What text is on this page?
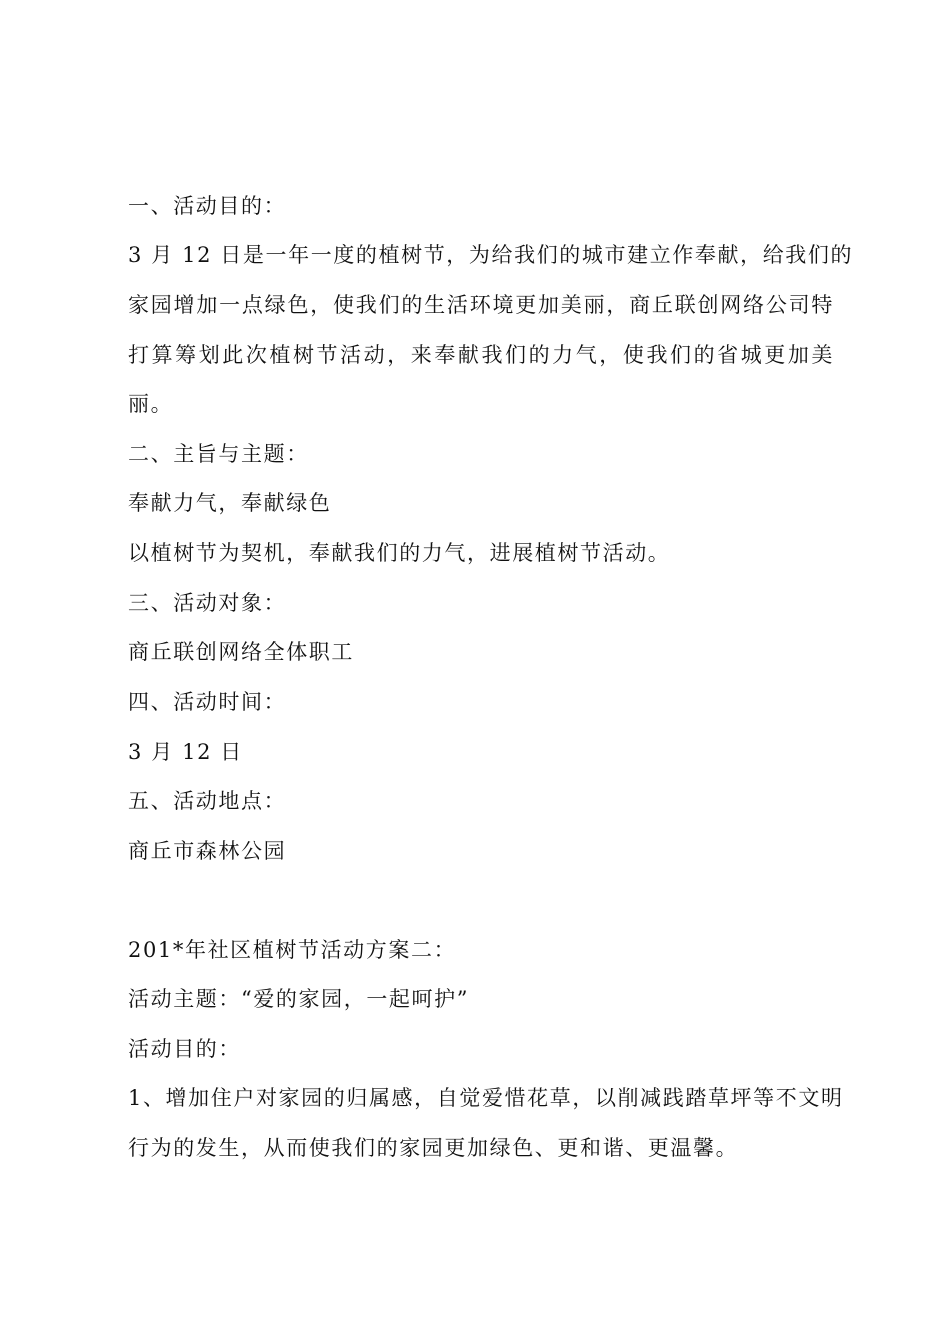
一、活动目的：
3 月 12 日是一年一度的植树节，为给我们的城市建立作奉献，给我们的
家园增加一点绿色，使我们的生活环境更加美丽，商丘联创网络公司特
打算筹划此次植树节活动，来奉献我们的力气，使我们的省城更加美
丽。
二、主旨与主题：
奉献力气，奉献绿色
以植树节为契机，奉献我们的力气，进展植树节活动。
三、活动对象：
商丘联创网络全体职工
四、活动时间：
3 月 12 日
五、活动地点：
商丘市森林公园
201*年社区植树节活动方案二：
活动主题：“爱的家园，一起呵护”
活动目的：
1、增加住户对家园的归属感，自觉爱惜花草，以削减践踏草坪等不文明
行为的发生，从而使我们的家园更加绿色、更和谐、更温馨。
